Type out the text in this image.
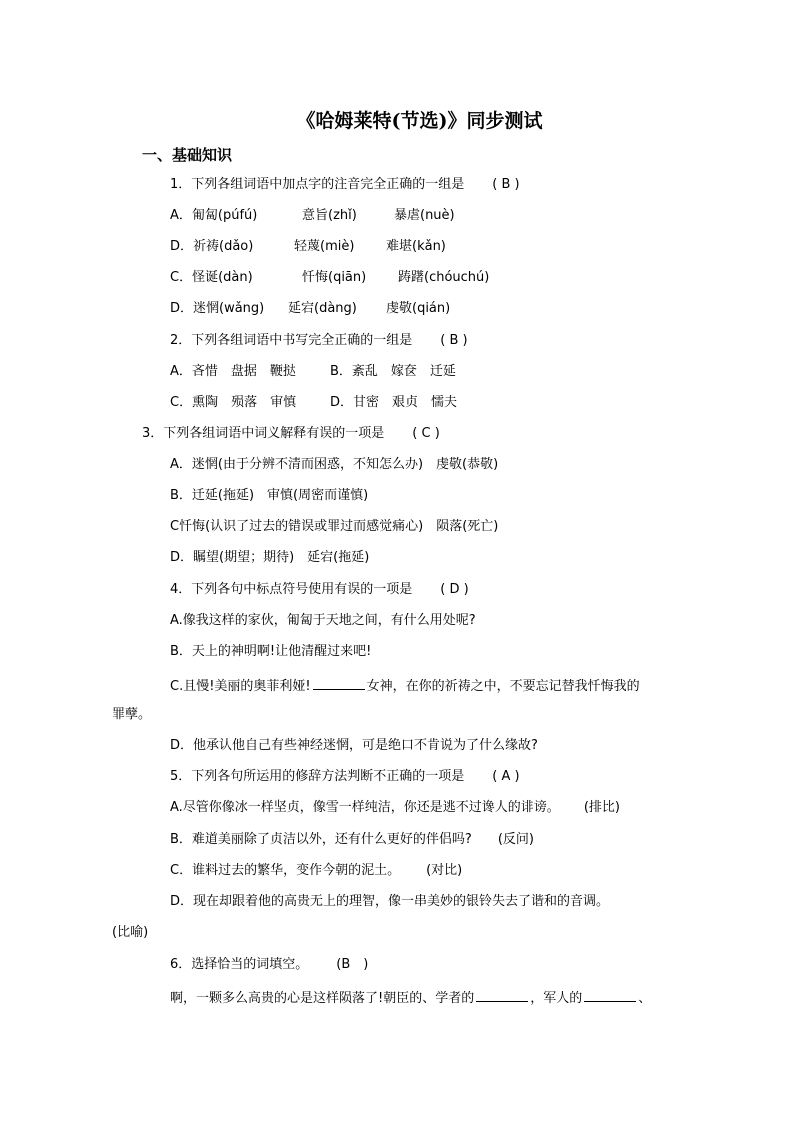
《哈姆莱特(节选)》同步测试
一、基础知识
1．下列各组词语中加点字的注音完全正确的一组是 ( B )
A．匍匐(púfú)	意旨(zhǐ)	暴虐(nuè)
D．祈祷(dǎo)	轻蔑(miè) 难堪(kǎn)
C．怪诞(dàn)	忏悔(qiān) 踌躇(chóuchú)
D．迷惘(wǎng) 延宕(dàng) 虔敬(qián)
2．下列各组词语中书写完全正确的一组是 ( B )
A．吝惜　盘据　鞭挞	B．紊乱　嫁奁　迁延
C．熏陶　殒落　审慎	D．甘密　艰贞　懦夫
3．下列各组词语中词义解释有误的一项是 ( C )
A．迷惘(由于分辨不清而困惑，不知怎么办)　虔敬(恭敬)
B．迁延(拖延)　审慎(周密而谨慎)
C忏悔(认识了过去的错误或罪过而感觉痛心)　陨落(死亡)
D．瞩望(期望；期待)　延宕(拖延)
4．下列各句中标点符号使用有误的一项是 ( D )
A.像我这样的家伙，匍匐于天地之间，有什么用处呢?
B．天上的神明啊!让他清醒过来吧!
C.且慢!美丽的奥菲利娅!	女神，在你的祈祷之中，不要忘记替我忏悔我的
罪孽。
D．他承认他自己有些神经迷惘，可是绝口不肯说为了什么缘故?
5．下列各句所运用的修辞方法判断不正确的一项是 ( A )
A.尽管你像冰一样坚贞，像雪一样纯洁，你还是逃不过谗人的诽谤。 (排比)
B．难道美丽除了贞洁以外，还有什么更好的伴侣吗? (反问)
C．谁料过去的繁华，变作今朝的泥土。 (对比)
D．现在却跟着他的高贵无上的理智，像一串美妙的银铃失去了谐和的音调。
(比喻)
6．选择恰当的词填空。 (B　)
啊，一颗多么高贵的心是这样陨落了!朝臣的、学者的	，军人的	、
